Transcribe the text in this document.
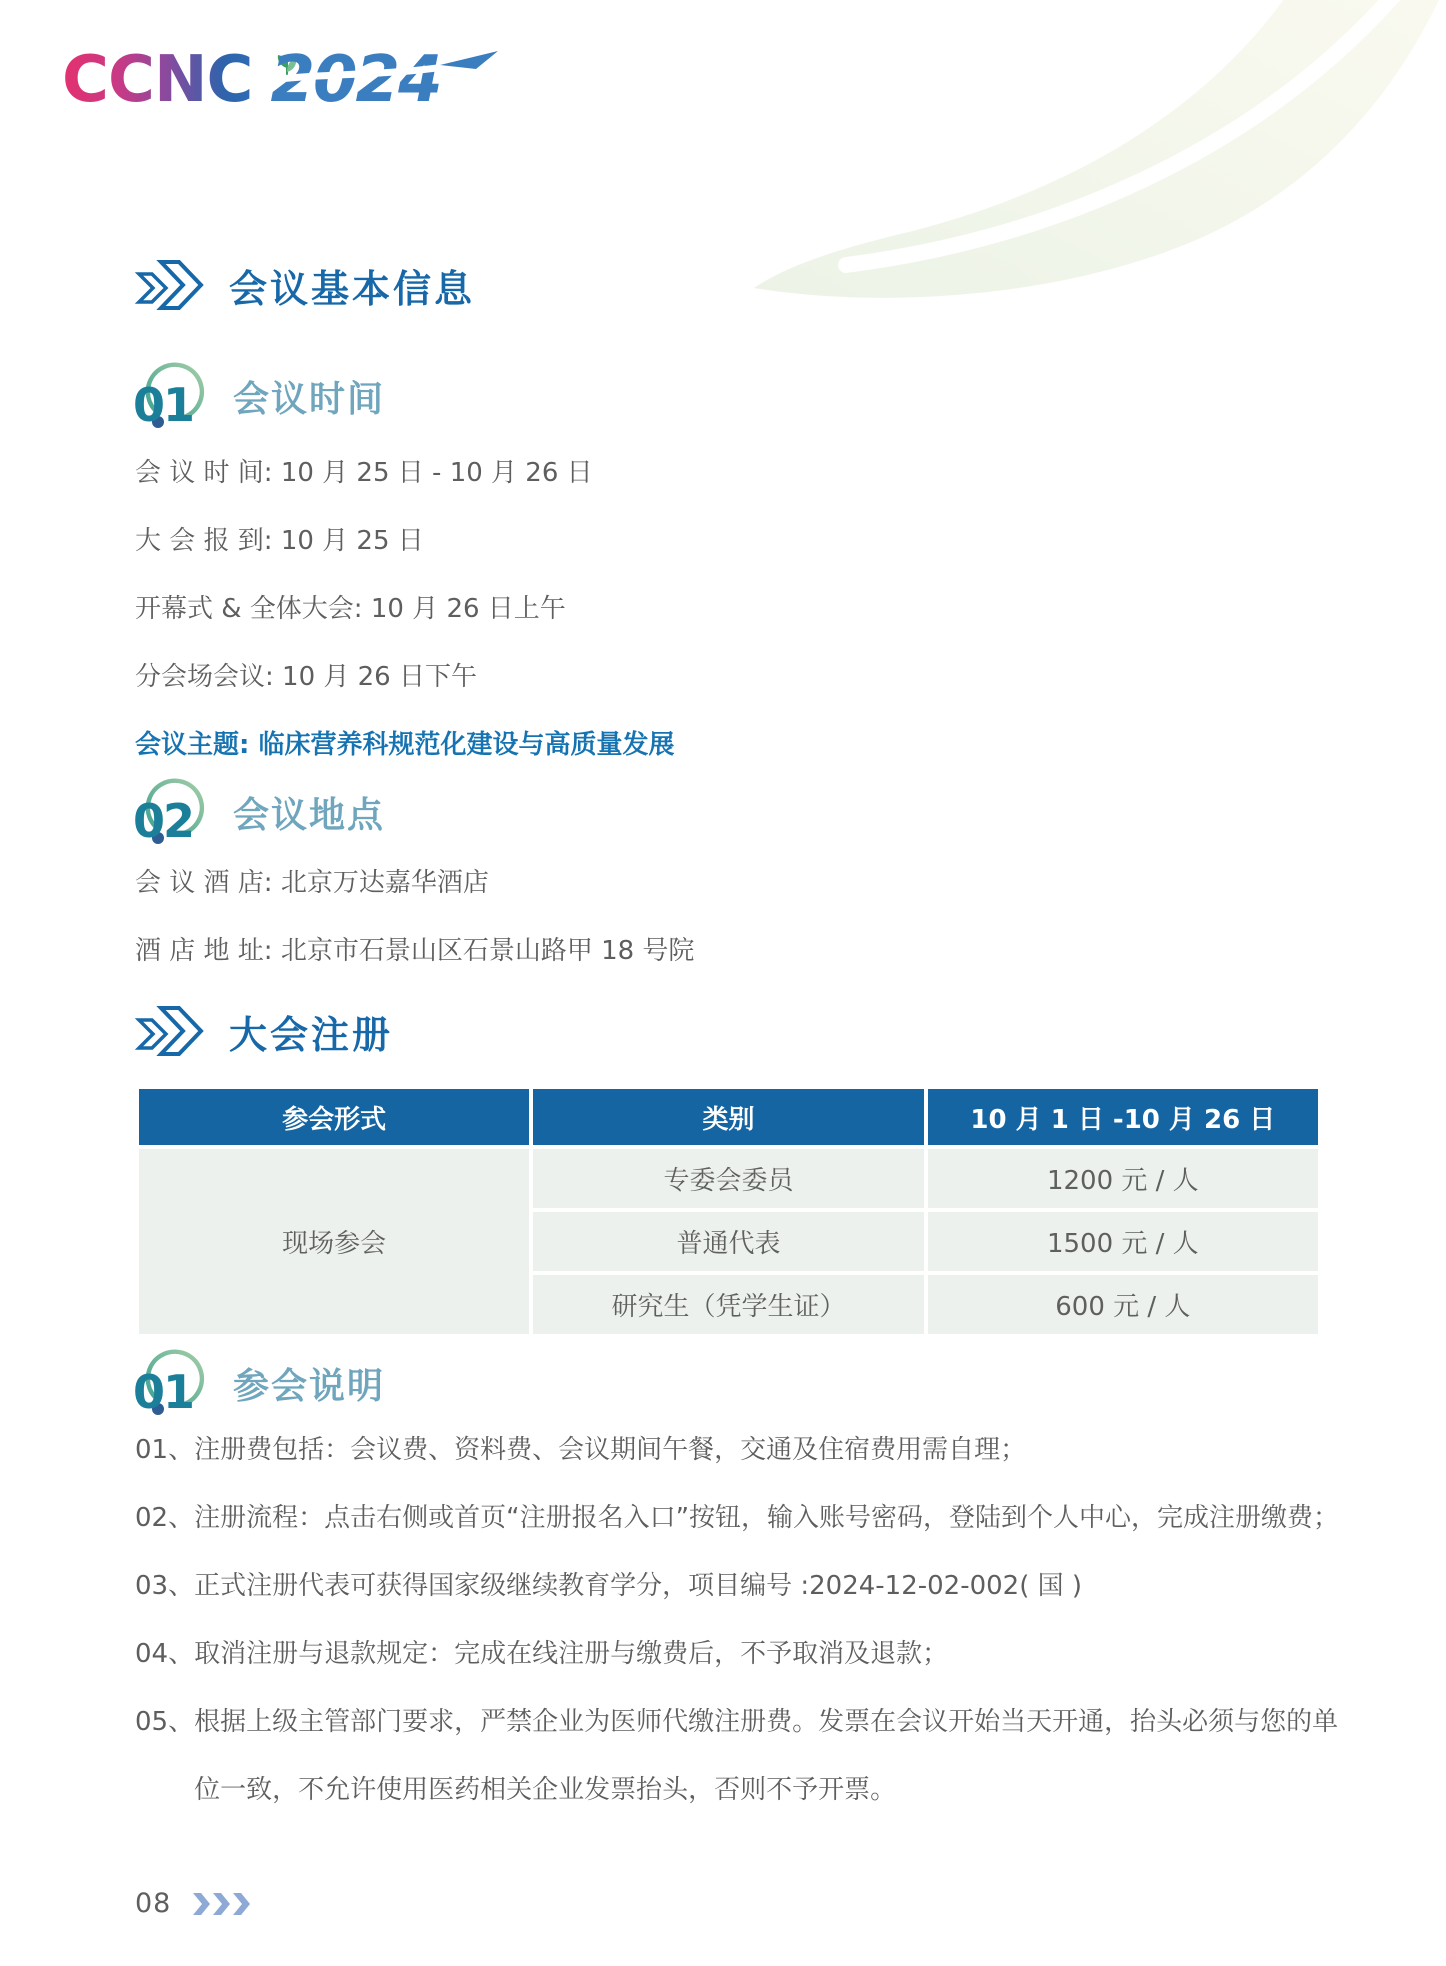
CCNC 2024
会议基本信息
01 会议时间

会 议 时 间: 10 月 25 日 - 10 月 26 日

大 会 报 到: 10 月 25 日

开幕式 & 全体大会: 10 月 26 日上午

分会场会议: 10 月 26 日下午

会议主题: 临床营养科规范化建设与高质量发展

02 会议地点

会 议 酒 店: 北京万达嘉华酒店

酒 店 地 址: 北京市石景山区石景山路甲 18 号院

大会注册
参会形式	类别	10 月 1 日 -10 月 26 日
现场参会	专委会委员	1200 元 / 人
	普通代表	1500 元 / 人
	研究生（凭学生证）	600 元 / 人
01 参会说明
01、 注册费包括：会议费、资料费、会议期间午餐，交通及住宿费用需自理；
02、 注册流程：点击右侧或首页“注册报名入口”按钮，输入账号密码，登陆到个人中心，完成注册缴费；
03、 正式注册代表可获得国家级继续教育学分，项目编号 :2024-12-02-002( 国 )
04、 取消注册与退款规定：完成在线注册与缴费后，不予取消及退款；
05、 根据上级主管部门要求，严禁企业为医师代缴注册费。发票在会议开始当天开通，抬头必须与您的单位一致，不允许使用医药相关企业发票抬头，否则不予开票。
08
